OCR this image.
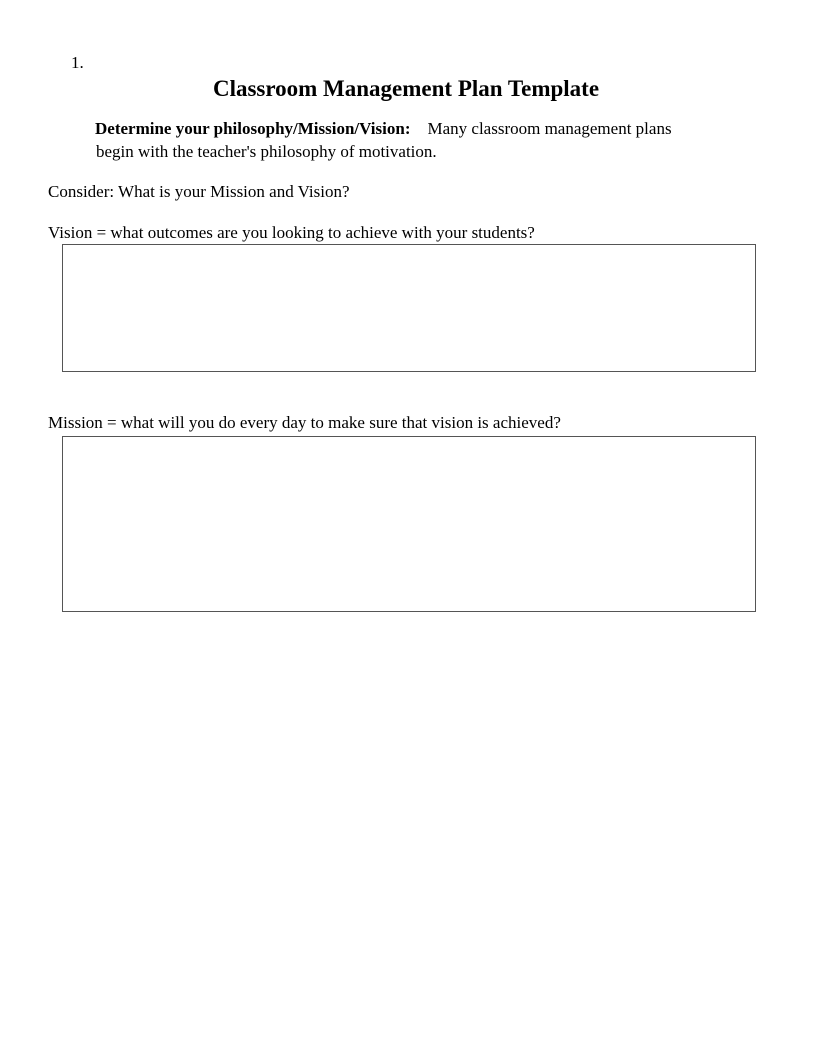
1.
Classroom Management Plan Template
Determine your philosophy/Mission/Vision: Many classroom management plans
begin with the teacher's philosophy of motivation.
Consider: What is your Mission and Vision?
Vision = what outcomes are you looking to achieve with your students?
Mission = what will you do every day to make sure that vision is achieved?
